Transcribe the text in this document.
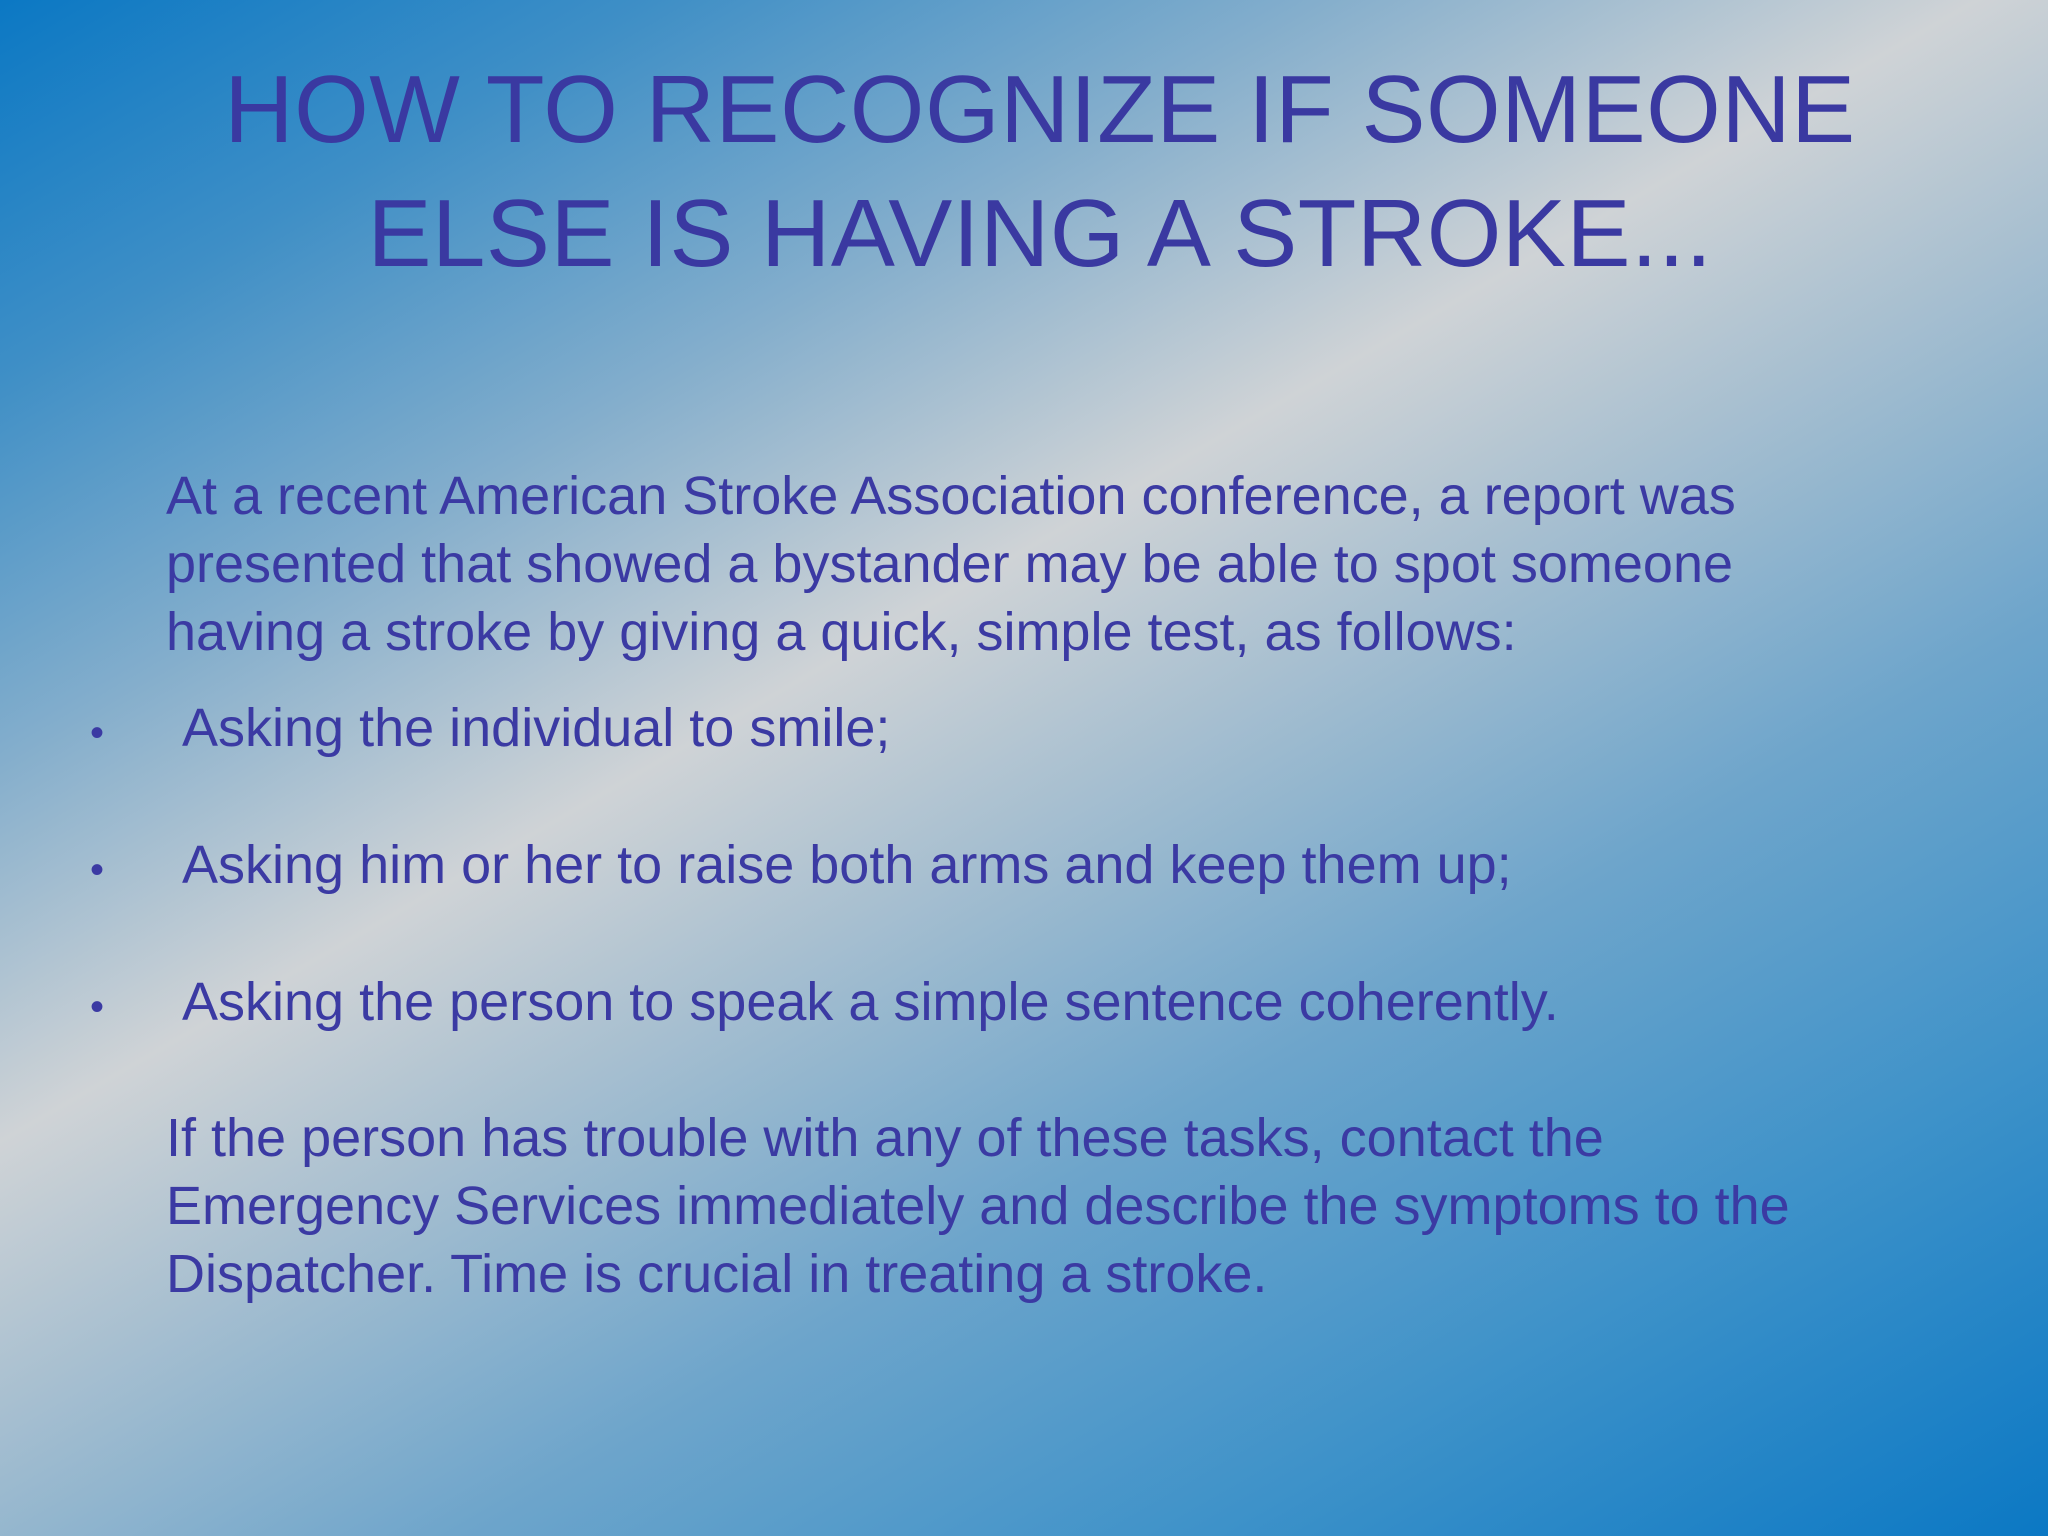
HOW TO RECOGNIZE IF SOMEONE ELSE IS HAVING A STROKE...

At a recent American Stroke Association conference, a report was presented that showed a bystander may be able to spot someone having a stroke by giving a quick, simple test, as follows:

•	Asking the individual to smile;
•	Asking him or her to raise both arms and keep them up;
•	Asking the person to speak a simple sentence coherently.

If the person has trouble with any of these tasks, contact the Emergency Services immediately and describe the symptoms to the Dispatcher. Time is crucial in treating a stroke.
